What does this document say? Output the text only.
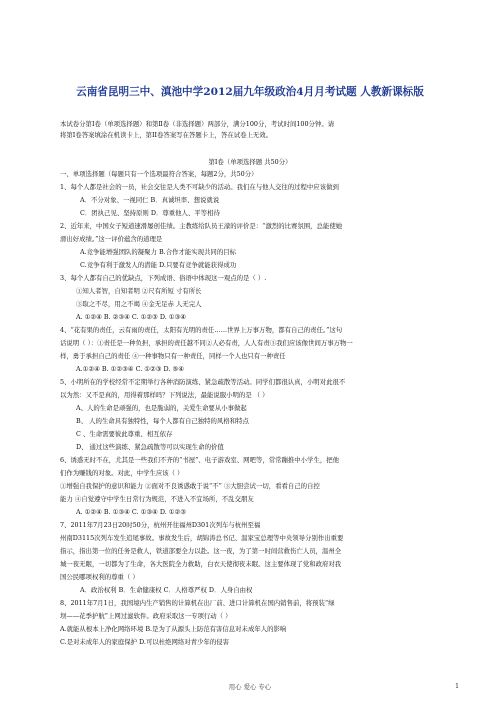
云南省昆明三中、滇池中学2012届九年级政治4月月考试题 人教新课标版
本试卷分第Ⅰ卷（单项选择题）和第Ⅱ卷（非选择题）两部分，满分100分，考试时间100分钟。请
将第Ⅰ卷答案填涂在机读卡上，第ⅠⅠ卷答案写在答题卡上，答在试卷上无效。
第Ⅰ卷（单项选择题 共50分）
一、单项选择题（每题只有一个选项最符合答案，每题2分，共50分）
1、每个人都是社会的一员，社会交往是人类不可缺少的活动。我们在与他人交往的过程中应该做到
A．不分对象、一视同仁 B．真诚坦率、想说就说
C．团执己见、坚持原则 D．尊重他人、平等相待
2、近年来，中国女子短道速滑屡创佳绩。主教练给队员王濛的评价是：“激烈的比赛氛围，总能使她
滑出好成绩。”这一评价蕴含的道理是
A.竞争能增强团队的凝聚力 B.合作才能实现共同的目标
C.竞争有利于激发人的潜能 D.只要有竞争就能获得成功
3、每个人都有自己的优缺点，下列成语、俗语中体现这一观点的是（ ）.
①知人者智，自知者明 ②尺有所短 寸有所长
③取之不尽，用之不竭 ④金无足赤 人无完人
A. ①②④ B. ②③④ C. ①②③ D. ①③④
4、“花有果的责任，云有雨的责任，太阳有光明的责任……世界上万事万物，都有自己的责任。”这句
话说明（ ）：①责任是一种负担，承担的责任越不同②人必有责，人人有责③我们应该像世间万事万物一
样，勇于承担自己的责任 ④一种事物只有一种责任，同样一个人也只有一种责任
A.①②④ B. ①②③④ C. ①②③ D. ⑤④
5、小明所在的学校经常不定期举行各种消防演练、紧急疏散等活动。同学们都很认真，小明对此很不
以为然：又不是真的，用得着那样吗？下列说法，最能说服小明的是 （ ）
A、人的生命是顽强的，也是脆弱的，关爱生命要从小事做起
B、 人的生命具有独特性，每个人都有自己独特的风格和特点
C 、生命需要彼此尊重、相互依存
D、 通过这些演练、紧急疏散等可以实现生命的价值
6、诱惑无时不在，尤其是一些我们不齐的“书屋”、电子游戏室、网吧等，常常蹦推中小学生，把他
们作为赚钱的对象。对此，中学生应该（ ）
①增强自我保护的意识和能力 ②面对不良诱惑敢于说“不” ③大胆尝试一切，看看自己的自控
能力 ④自觉遵守中学生日常行为规范，不进入不宜场所，不乱交朋友
A. ①②④ B. ①③④ C. ①③④ D. ①②③
7、2011年7月23日20时50分，杭州开往福州D301次列车与杭州至福
州南D3115次列车发生追尾事故。事故发生后，胡锦涛总书记、温家宝总理等中央领导分别作出重要
指示，指出第一位的任务是救人，铁道部要全力以赴。这一夜，为了第一时间营救伤亡人员，温州全
城一夜无眠，一切都为了生命，各大医院全力救助，白衣天使彻夜未眠。这主要体现了党和政府对我
国公民哪项权利的尊重（ ）
A．政治权利 B．生命健康权 C．人格尊严权 D．人身自由权
8、2011年7月1日，我国境内生产销售的计算机在出厂前、进口计算机在国内销售前，将预装“绿
坝——花季护航”上网过滤软件。政府采取这一专项行动（ ）
A.就能从根本上净化网络环境 B.是为了从源头上防范有害信息对未成年人的影响
C.是对未成年人的家庭保护 D.可以杜绝网络对青少年的侵害
用心 爱心 专心	1
